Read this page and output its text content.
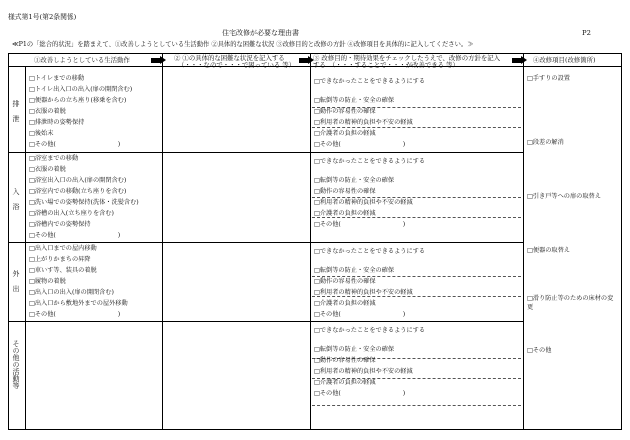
様式第1号(第2条関係)
住宅改修が必要な理由書	P2
≪P1の「総合的状況」を踏まえて、①改善しようとしている生活動作 ②具体的な困難な状況 ③改修目的と改修の方針 ④改修項目を具体的に記入してください。≫
①改善しようとしている生活動作	② ①の具体的な困難な状況を記入する
（・・・なので・・・で困っている 等）
③ 改修目的・期待効果をチェックしたうえで、改修の方針を記入
する　（・・・することで・・・が改善できる 等）
④改修項目(改修箇所)
排泄
入浴
外出
その他の活動等
□トイレまでの移動
□トイレ出入口の出入(扉の開閉含む)
□便器からの立ち座り(移乗を含む)
□衣服の着脱
□排泄時の姿勢保持
□後始末
□その他(　　　　　　　　　　)
□浴室までの移動
□衣服の着脱
□浴室出入口の出入(扉の開閉含む)
□浴室内での移動(立ち座りを含む)
□洗い場での姿勢保持(洗体・洗髪含む)
□浴槽の出入(立ち座りを含む)
□浴槽内での姿勢保持
□その他(　　　　　　　　　　)
□出入口までの屋内移動
□上がりかまちの昇降
□車いす等、装具の着脱
□履物の着脱
□出入口の出入(扉の開閉含む)
□出入口から敷地外までの屋外移動
□その他(　　　　　　　　　　)
□できなかったことをできるようにする
□転倒等の防止・安全の確保
□動作の容易性の確保
□利用者の精神的負担や不安の軽減
□介護者の負担の軽減
□その他(　　　　　　　　　　)
□できなかったことをできるようにする
□転倒等の防止・安全の確保
□動作の容易性の確保
□利用者の精神的負担や不安の軽減
□介護者の負担の軽減
□その他(　　　　　　　　　　)
□できなかったことをできるようにする
□転倒等の防止・安全の確保
□動作の容易性の確保
□利用者の精神的負担や不安の軽減
□介護者の負担の軽減
□その他(　　　　　　　　　　)
□できなかったことをできるようにする
□転倒等の防止・安全の確保
□動作の容易性の確保
□利用者の精神的負担や不安の軽減
□介護者の負担の軽減
□その他(　　　　　　　　　　)
□手すりの設置
□段差の解消
□引き戸等への扉の取替え
□便器の取替え
□滑り防止等のための床材の変更
□その他
